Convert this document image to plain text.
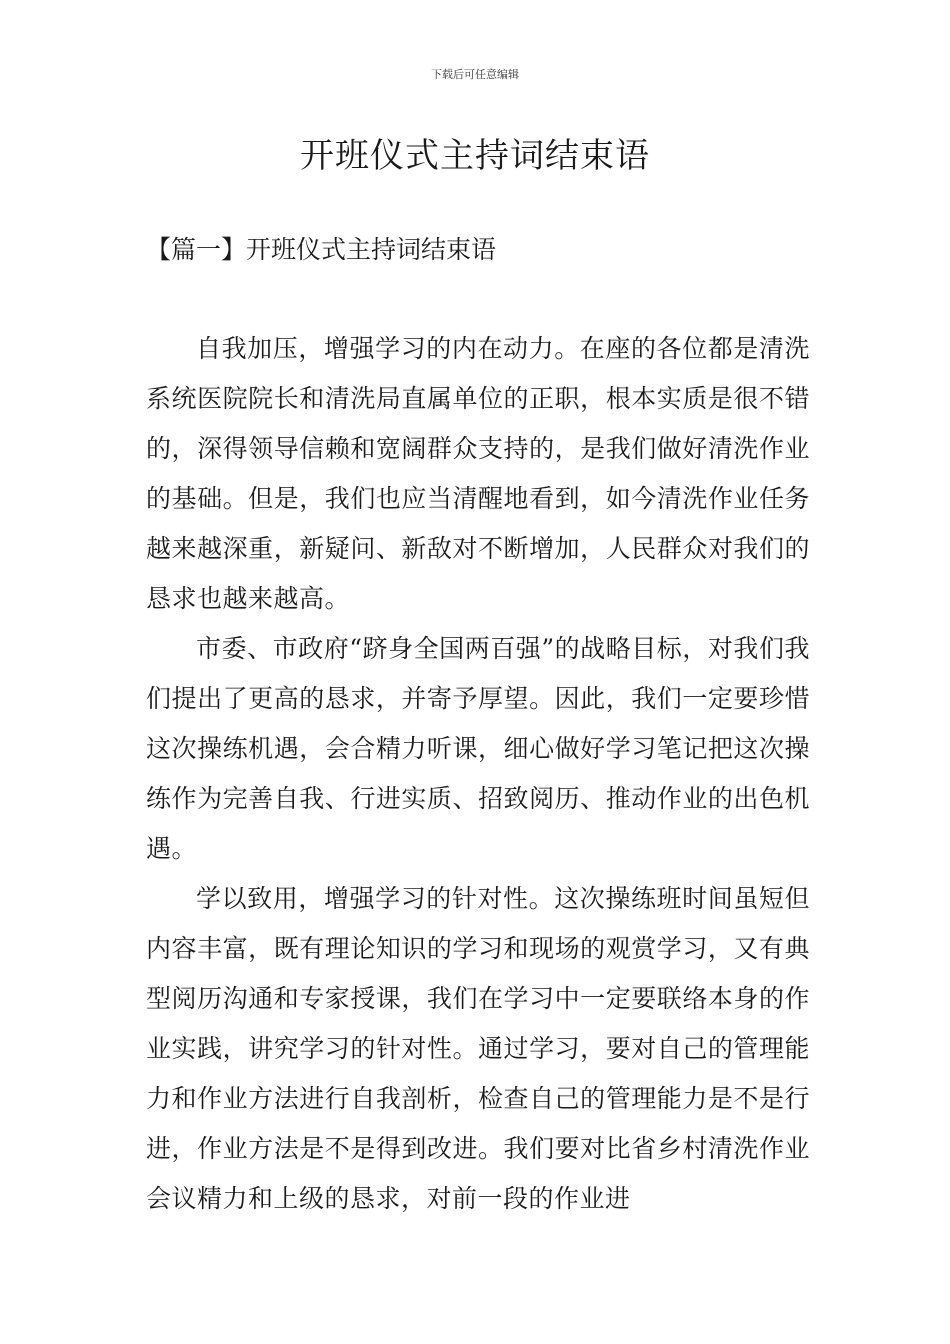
下载后可任意编辑
开班仪式主持词结束语
【篇一】开班仪式主持词结束语

自我加压，增强学习的内在动力。在座的各位都是清洗系统医院院长和清洗局直属单位的正职，根本实质是很不错的，深得领导信赖和宽阔群众支持的，是我们做好清洗作业的基础。但是，我们也应当清醒地看到，如今清洗作业任务越来越深重，新疑问、新敌对不断增加，人民群众对我们的恳求也越来越高。

市委、市政府“跻身全国两百强”的战略目标，对我们我们提出了更高的恳求，并寄予厚望。因此，我们一定要珍惜这次操练机遇，会合精力听课，细心做好学习笔记把这次操练作为完善自我、行进实质、招致阅历、推动作业的出色机遇。

学以致用，增强学习的针对性。这次操练班时间虽短但内容丰富，既有理论知识的学习和现场的观赏学习，又有典型阅历沟通和专家授课，我们在学习中一定要联络本身的作业实践，讲究学习的针对性。通过学习，要对自己的管理能力和作业方法进行自我剖析，检查自己的管理能力是不是行进，作业方法是不是得到改进。我们要对比省乡村清洗作业会议精力和上级的恳求，对前一段的作业进
